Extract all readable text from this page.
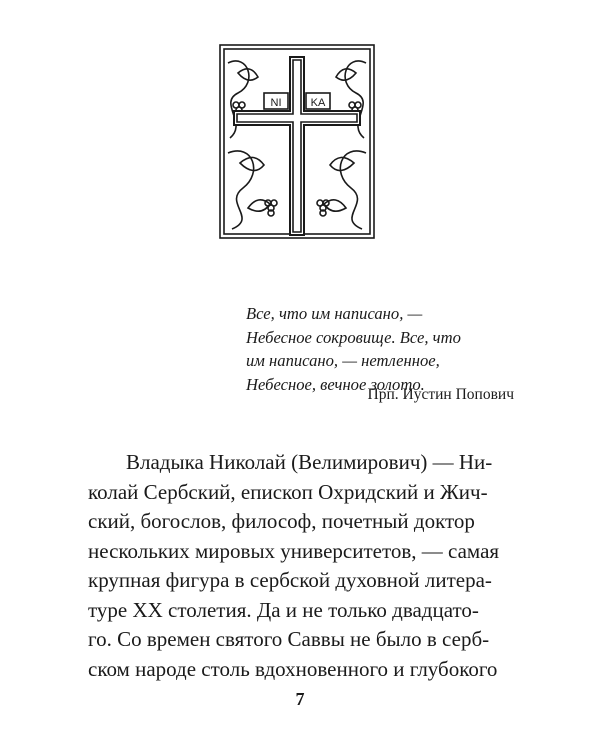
NI	KA
Все, что им написано, —
Небесное сокровище. Все, что
им написано, — нетленное,
Небесное, вечное золото.
Прп. Иустин Попович
Владыка Николай (Велимирович) — Ни-
колай Сербский, епископ Охридский и Жич-
ский, богослов, философ, почетный доктор
нескольких мировых университетов, — самая
крупная фигура в сербской духовной литера-
туре XX столетия. Да и не только двадцато-
го. Со времен святого Саввы не было в серб-
ском народе столь вдохновенного и глубокого
7
